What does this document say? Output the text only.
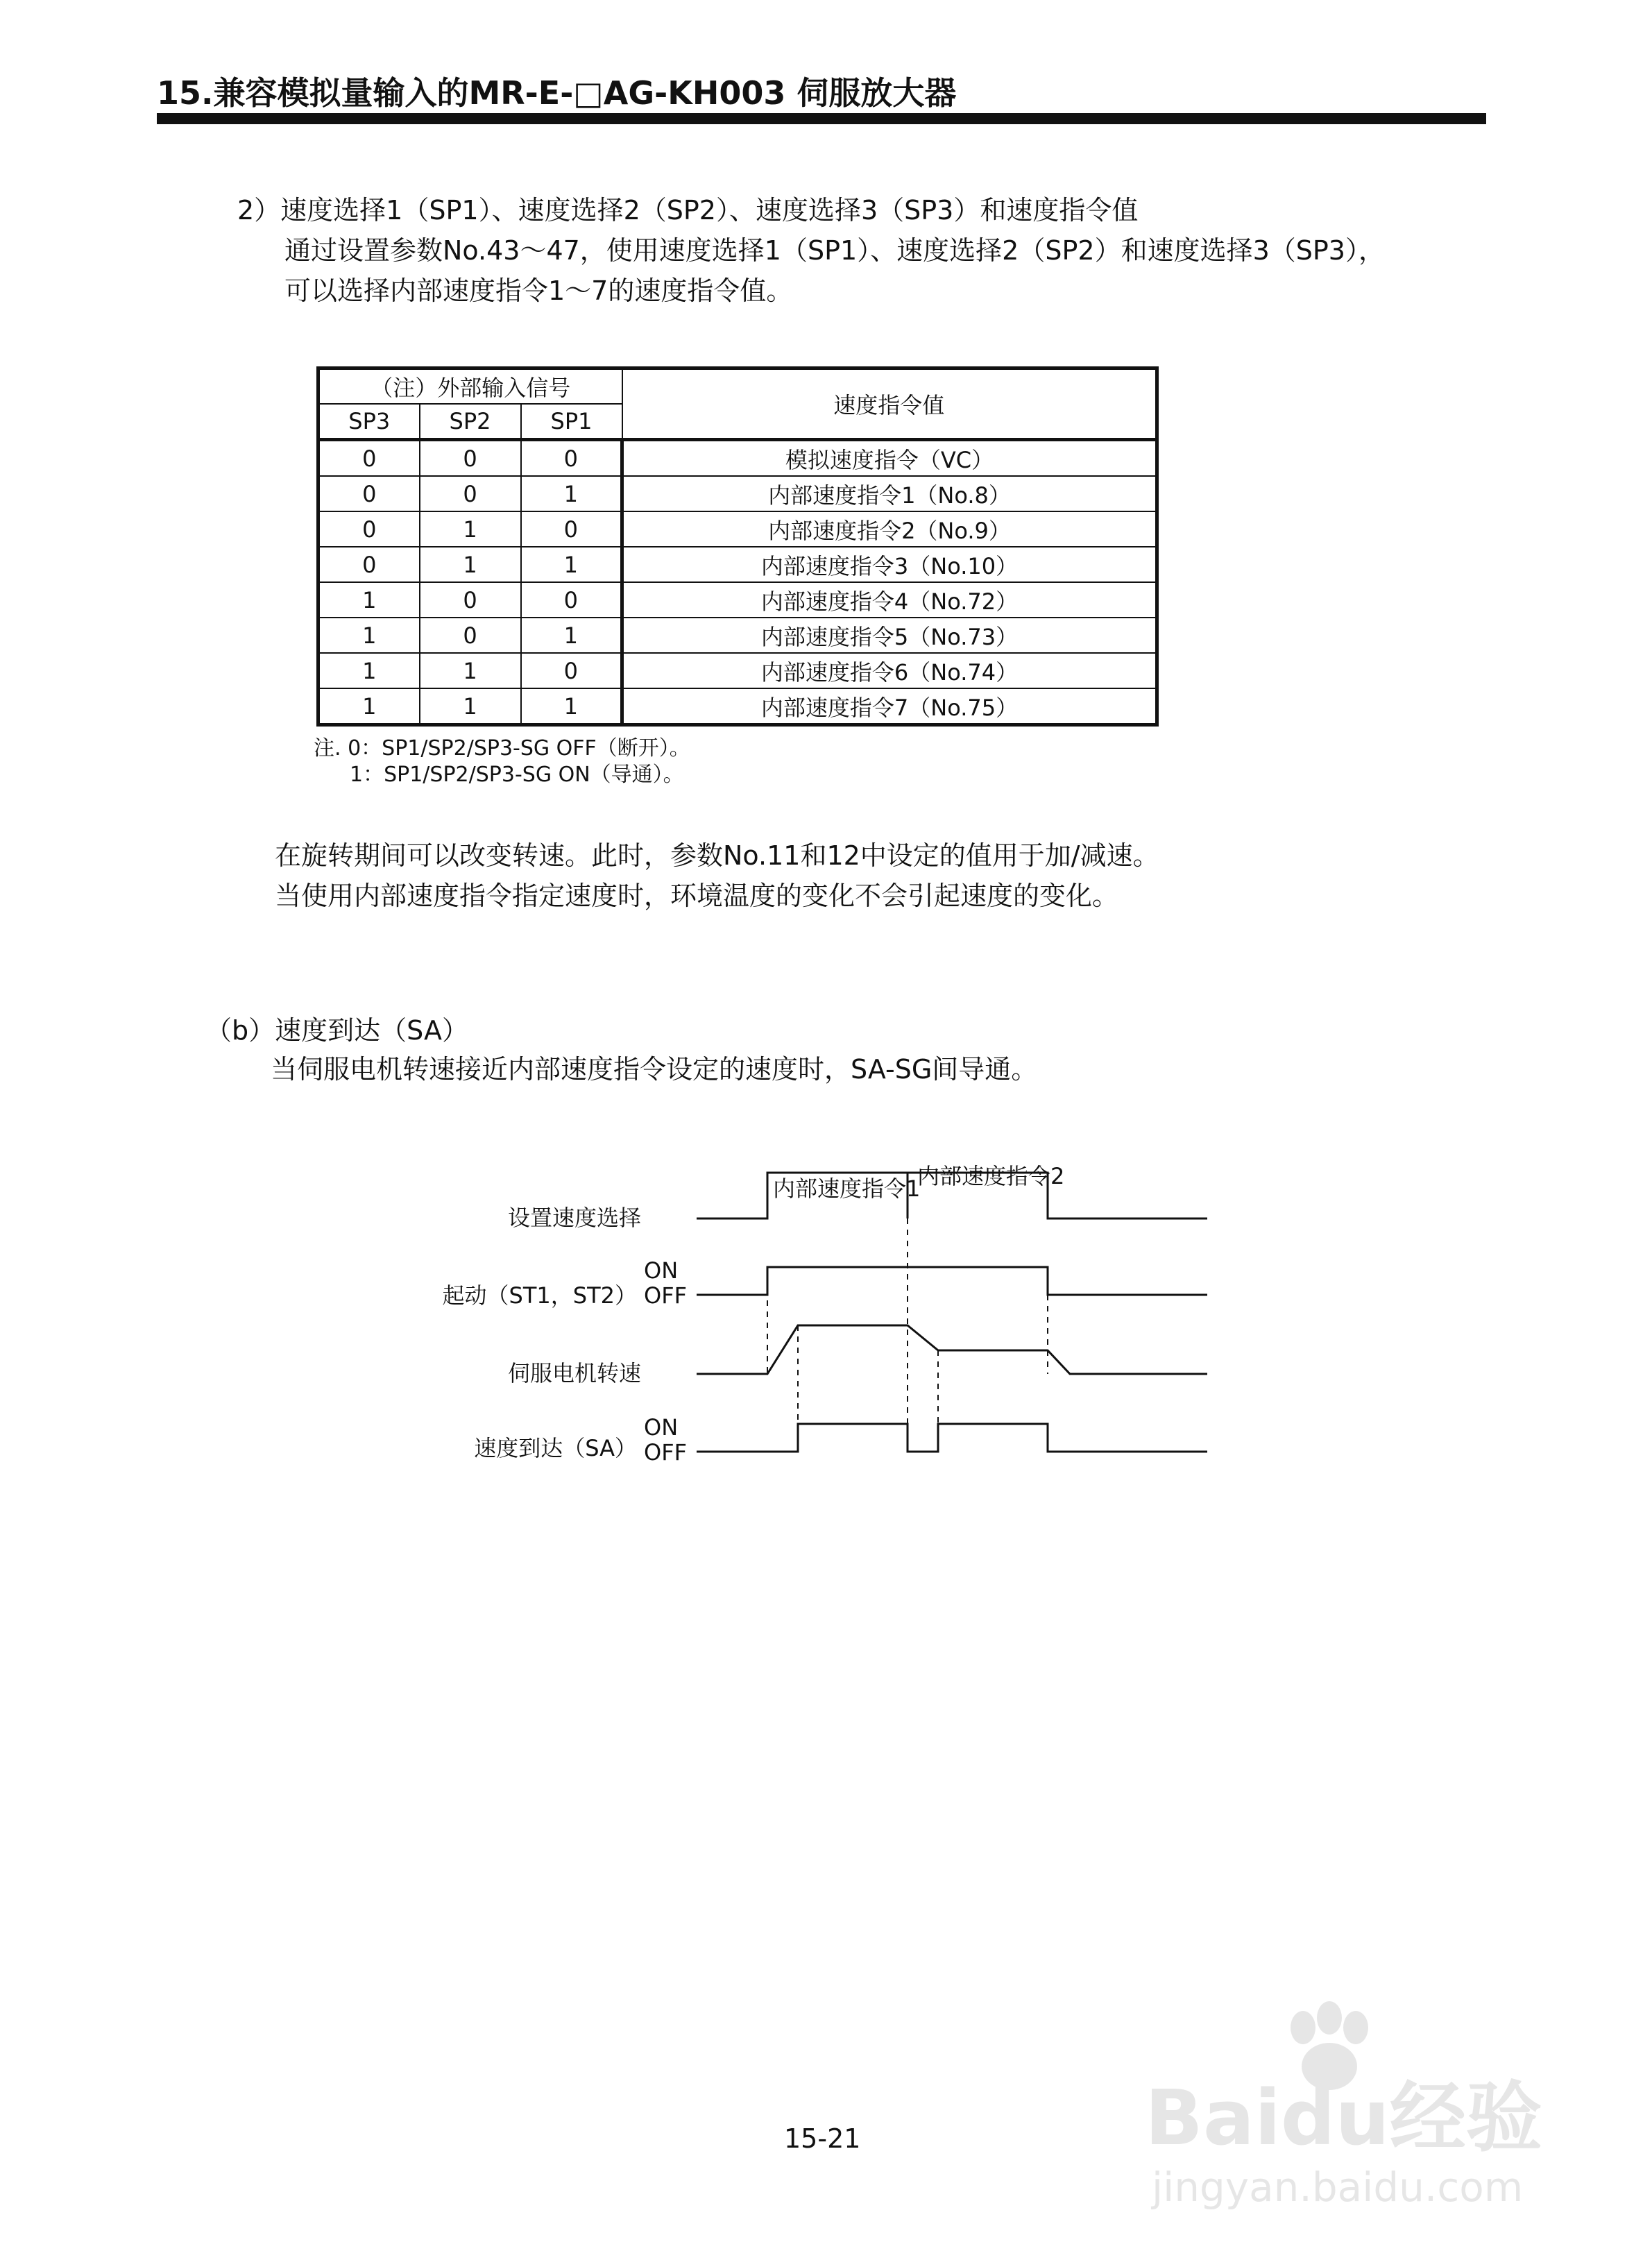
15.兼容模拟量输入的MR-E-□AG-KH003 伺服放大器
2）速度选择1（SP1）、速度选择2（SP2）、速度选择3（SP3）和速度指令值
通过设置参数No.43～47，使用速度选择1（SP1）、速度选择2（SP2）和速度选择3（SP3），
可以选择内部速度指令1～7的速度指令值。
（注）外部输入信号			速度指令值
SP3	SP2	SP1	
0	0	0	模拟速度指令（VC）
0	0	1	内部速度指令1（No.8）
0	1	0	内部速度指令2（No.9）
0	1	1	内部速度指令3（No.10）
1	0	0	内部速度指令4（No.72）
1	0	1	内部速度指令5（No.73）
1	1	0	内部速度指令6（No.74）
1	1	1	内部速度指令7（No.75）
注. 0：SP1/SP2/SP3-SG OFF（断开）。
1：SP1/SP2/SP3-SG ON（导通）。
在旋转期间可以改变转速。此时，参数No.11和12中设定的值用于加/减速。
当使用内部速度指令指定速度时，环境温度的变化不会引起速度的变化。
（b）速度到达（SA）
当伺服电机转速接近内部速度指令设定的速度时，SA-SG间导通。
内部速度指令1
内部速度指令2
设置速度选择
起动（ST1，ST2）
ON
OFF
伺服电机转速
速度到达（SA）
ON
OFF
15-21	Baidu经验
jingyan.baidu.com
